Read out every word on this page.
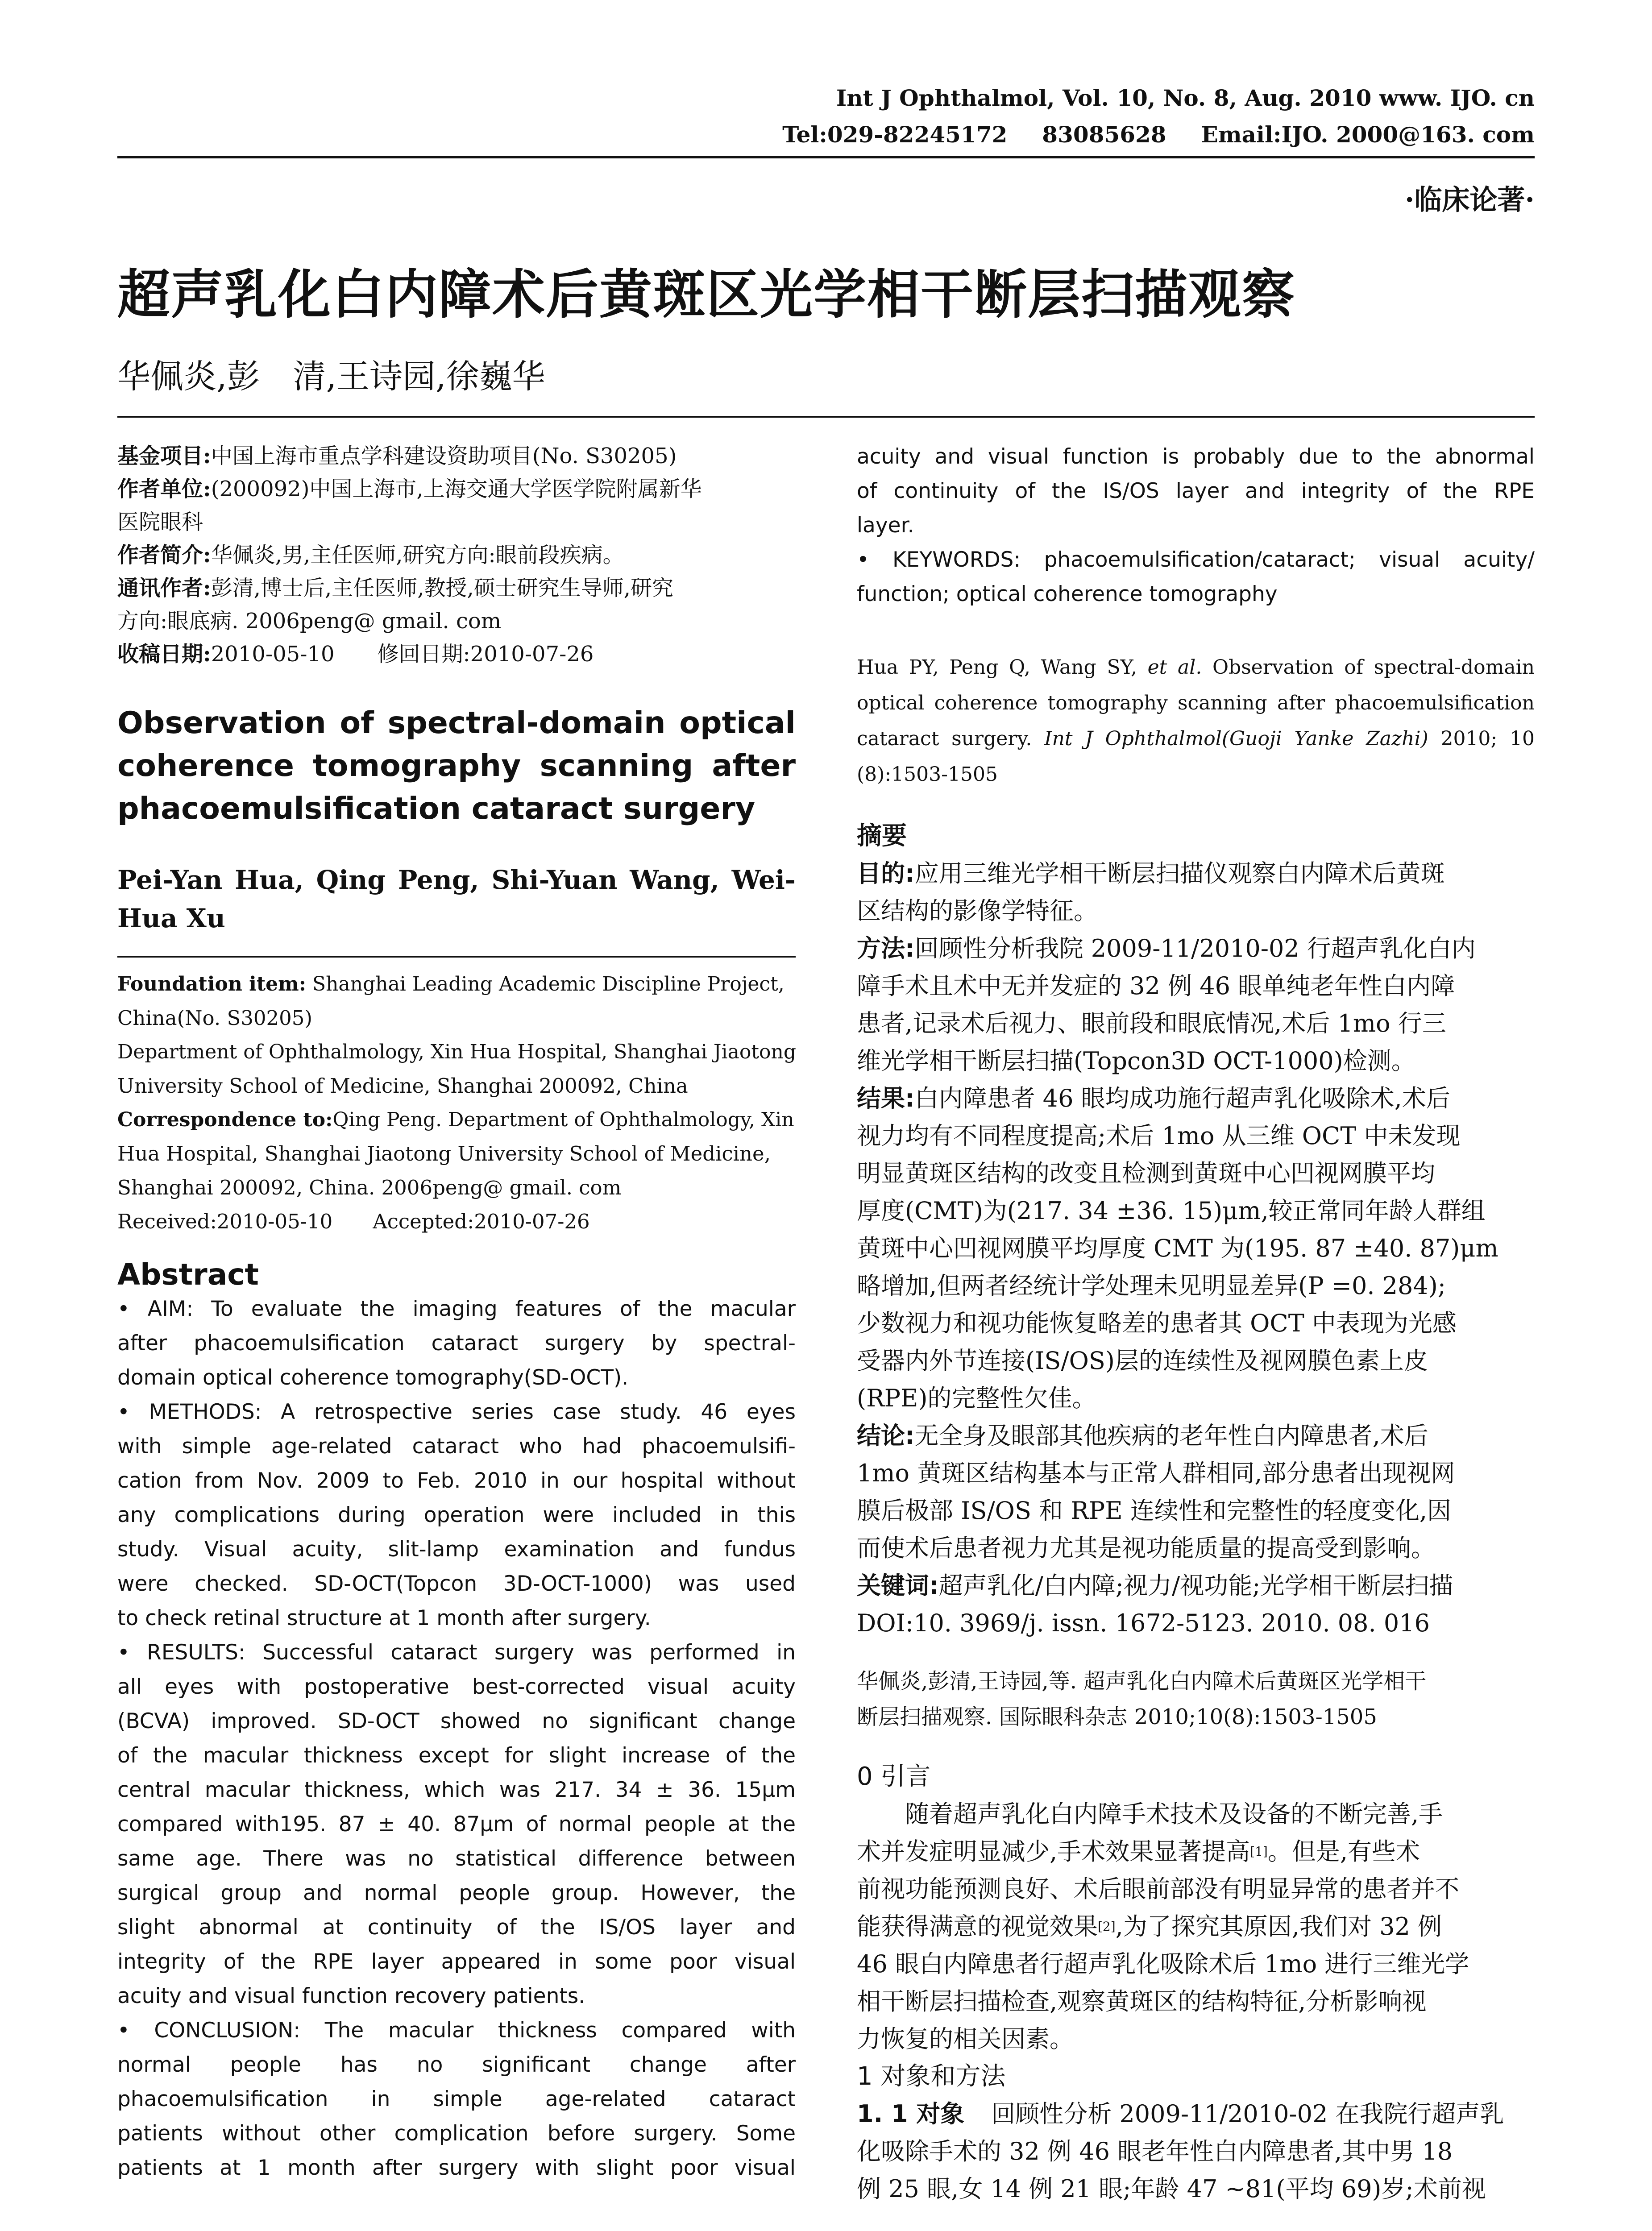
Int J Ophthalmol, Vol. 10, No. 8, Aug. 2010 www. IJO. cn
Tel:029-82245172 83085628 Email:IJO. 2000@163. com
·临床论著·
超声乳化白内障术后黄斑区光学相干断层扫描观察
华佩炎,彭　清,王诗园,徐巍华
基金项目:中国上海市重点学科建设资助项目(No. S30205)
作者单位:(200092)中国上海市,上海交通大学医学院附属新华
医院眼科
作者简介:华佩炎,男,主任医师,研究方向:眼前段疾病。
通讯作者:彭清,博士后,主任医师,教授,硕士研究生导师,研究
方向:眼底病. 2006peng@ gmail. com
收稿日期:2010-05-10　　修回日期:2010-07-26
Observation of spectral-domain optical
coherence tomography scanning after
phacoemulsification cataract surgery
Pei-Yan Hua, Qing Peng, Shi-Yuan Wang, Wei-
Hua Xu
Foundation item: Shanghai Leading Academic Discipline Project,
China(No. S30205)
Department of Ophthalmology, Xin Hua Hospital, Shanghai Jiaotong
University School of Medicine, Shanghai 200092, China
Correspondence to:Qing Peng. Department of Ophthalmology, Xin
Hua Hospital, Shanghai Jiaotong University School of Medicine,
Shanghai 200092, China. 2006peng@ gmail. com
Received:2010-05-10　　Accepted:2010-07-26
Abstract
• AIM: To evaluate the imaging features of the macular
after phacoemulsification cataract surgery by spectral-
domain optical coherence tomography(SD-OCT).
• METHODS: A retrospective series case study. 46 eyes
with simple age-related cataract who had phacoemulsifi-
cation from Nov. 2009 to Feb. 2010 in our hospital without
any complications during operation were included in this
study. Visual acuity, slit-lamp examination and fundus
were checked. SD-OCT(Topcon 3D-OCT-1000) was used
to check retinal structure at 1 month after surgery.
• RESULTS: Successful cataract surgery was performed in
all eyes with postoperative best-corrected visual acuity
(BCVA) improved. SD-OCT showed no significant change
of the macular thickness except for slight increase of the
central macular thickness, which was 217. 34 ± 36. 15μm
compared with195. 87 ± 40. 87μm of normal people at the
same age. There was no statistical difference between
surgical group and normal people group. However, the
slight abnormal at continuity of the IS/OS layer and
integrity of the RPE layer appeared in some poor visual
acuity and visual function recovery patients.
• CONCLUSION: The macular thickness compared with
normal people has no significant change after
phacoemulsification in simple age-related cataract
patients without other complication before surgery. Some
patients at 1 month after surgery with slight poor visual
acuity and visual function is probably due to the abnormal
of continuity of the IS/OS layer and integrity of the RPE
layer.
• KEYWORDS: phacoemulsification/cataract; visual acuity/
function; optical coherence tomography
Hua PY, Peng Q, Wang SY, et al. Observation of spectral-domain
optical coherence tomography scanning after phacoemulsification
cataract surgery. Int J Ophthalmol(Guoji Yanke Zazhi) 2010; 10
(8):1503-1505
摘要
目的:应用三维光学相干断层扫描仪观察白内障术后黄斑
区结构的影像学特征。
方法:回顾性分析我院 2009-11/2010-02 行超声乳化白内
障手术且术中无并发症的 32 例 46 眼单纯老年性白内障
患者,记录术后视力、眼前段和眼底情况,术后 1mo 行三
维光学相干断层扫描(Topcon3D OCT-1000)检测。
结果:白内障患者 46 眼均成功施行超声乳化吸除术,术后
视力均有不同程度提高;术后 1mo 从三维 OCT 中未发现
明显黄斑区结构的改变且检测到黄斑中心凹视网膜平均
厚度(CMT)为(217. 34 ±36. 15)μm,较正常同年龄人群组
黄斑中心凹视网膜平均厚度 CMT 为(195. 87 ±40. 87)μm
略增加,但两者经统计学处理未见明显差异(P =0. 284);
少数视力和视功能恢复略差的患者其 OCT 中表现为光感
受器内外节连接(IS/OS)层的连续性及视网膜色素上皮
(RPE)的完整性欠佳。
结论:无全身及眼部其他疾病的老年性白内障患者,术后
1mo 黄斑区结构基本与正常人群相同,部分患者出现视网
膜后极部 IS/OS 和 RPE 连续性和完整性的轻度变化,因
而使术后患者视力尤其是视功能质量的提高受到影响。
关键词:超声乳化/白内障;视力/视功能;光学相干断层扫描
DOI:10. 3969/j. issn. 1672-5123. 2010. 08. 016
华佩炎,彭清,王诗园,等. 超声乳化白内障术后黄斑区光学相干
断层扫描观察. 国际眼科杂志 2010;10(8):1503-1505
0 引言
随着超声乳化白内障手术技术及设备的不断完善,手
术并发症明显减少,手术效果显著提高[1]。但是,有些术
前视功能预测良好、术后眼前部没有明显异常的患者并不
能获得满意的视觉效果[2],为了探究其原因,我们对 32 例
46 眼白内障患者行超声乳化吸除术后 1mo 进行三维光学
相干断层扫描检查,观察黄斑区的结构特征,分析影响视
力恢复的相关因素。
1 对象和方法
1. 1 对象 回顾性分析 2009-11/2010-02 在我院行超声乳
化吸除手术的 32 例 46 眼老年性白内障患者,其中男 18
例 25 眼,女 14 例 21 眼;年龄 47 ~81(平均 69)岁;术前视
